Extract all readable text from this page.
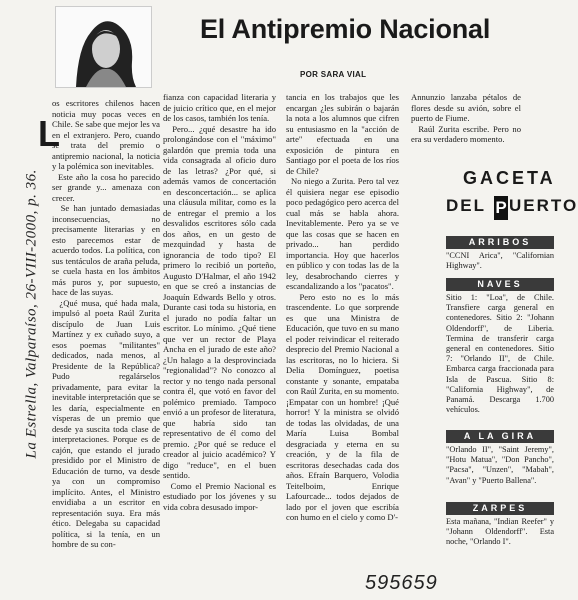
La Estrella, Valparaíso, 26-VIII-2000, p. 36.
El Antipremio Nacional
POR SARA VIAL
L
os escritores chilenos hacen noticia muy pocas veces en Chile. Se sabe que mejor les va en el extranjero. Pero, cuando se trata del premio o antipremio nacional, la noticia y la polémica son inevitables.
Este año la cosa ho parecido ser grande y... amenaza con crecer.
Se han juntado demasiadas inconsecuencias, no precisamente literarias y en esto parecemos estar de acuerdo todos. La política, con sus tentáculos de araña peluda, se cuela hasta en los ámbitos más puros y, por supuesto, hace de las suyas.
¿Qué musa, qué hada mala, impulsó al poeta Raúl Zurita discípulo de Juan Luis Martínez y ex cuñado suyo, a esos poemas "militantes" dedicados, nada menos, al Presidente de la República? Pudo regalárselos privadamente, para evitar la inevitable interpretación que se les daría, especialmente en vísperas de un premio que desde ya suscita toda clase de interpretaciones. Porque es de cajón, que estando el jurado presidido por el Ministro de Educación de turno, va desde ya con un compromiso implícito. Antes, el Ministro envidiaba a un escritor en representación suya. Era más ético. Delegaba su capacidad política, si la tenía, en un hombre de su con-
fianza con capacidad literaria y de juicio crítico que, en el mejor de los casos, también los tenía.
Pero... ¿qué desastre ha ido prolongándose con el "máximo" galardón que premia toda una vida consagrada al oficio duro de las letras? ¿Por qué, si además vamos de concertación en desconcertación... se aplica una cláusula militar, como es la de entregar el premio a los desvalidos escritores sólo cada dos años, en un gesto de mezquindad y hasta de ignorancia de todo tipo? El primero lo recibió un porteño, Augusto D'Halmar, el año 1942 en que se creó a instancias de Joaquín Edwards Bello y otros. Durante casi toda su historia, en el jurado no podía faltar un escritor. Lo mínimo. ¿Qué tiene que ver un rector de Playa Ancha en el jurado de este año? ¿Un halago a la desprovinciada "regionalidad"? No conozco al rector y no tengo nada personal contra él, que votó en favor del polémico premiado. Tampoco envió a un profesor de literatura, que habría sido tan representativo de él como del premio. ¿Por qué se reduce el creador al juicio académico? Y digo "reduce", en el buen sentido.
Como el Premio Nacional es estudiado por los jóvenes y su vida cobra desusado impor-
tancia en los trabajos que les encargan ¿les subirán o bajarán la nota a los alumnos que cifren su entusiasmo en la "acción de arte" efectuada en una exposición de pintura en Santiago por el poeta de los ríos de Chile?
No niego a Zurita. Pero tal vez él quisiera negar ese episodio poco pedagógico pero acerca del cual más se habla ahora. Inevitablemente. Pero ya se ve que las cosas que se hacen en privado... han perdido importancia. Hoy que hacerlos en público y con todas las de la ley, desabrochando cierres y escandalizando a los "pacatos".
Pero esto no es lo más trascendente. Lo que sorprende es que una Ministra de Educación, que tuvo en su mano el poder reivindicar el reiterado desprecio del Premio Nacional a las escritoras, no lo hiciera. Si Delia Domínguez, poetisa constante y sonante, empataba con Raúl Zurita, en su momento. ¡Empatar con un hombre! ¡Qué horror! Y la ministra se olvidó de todas las olvidadas, de una María Luisa Bombal desgraciada y eterna en su creación, y de la fila de escritoras desechadas cada dos años. Efraín Barquero, Volodia Teitelboim, Enrique Lafourcade... todos dejados de lado por el joven que escribía con humo en el cielo y como D'-
Annunzio lanzaba pétalos de flores desde su avión, sobre el puerto de Fiume.
Raúl Zurita escribe. Pero no era su verdadero momento.
GACETA
DEL P UERTO
ARRIBOS
"CCNI Arica", "Californian Highway".
NAVES
Sitio 1: "Loa", de Chile. Transfiere carga general en contenedores. Sitio 2: "Johann Oldendorff", de Liberia. Termina de transferir carga general en contenedores. Sitio 7: "Orlando II", de Chile. Embarca carga fraccionada para Isla de Pascua. Sitio 8: "California Highway", de Panamá. Descarga 1.700 vehículos.
A LA GIRA
"Orlando II", "Saint Jeremy", "Hotu Matua", "Don Pancho", "Pacsa", "Unzen", "Mabah", "Avan" y "Puerto Ballena".
ZARPES
Esta mañana, "Indian Reefer" y "Johann Oldendorff". Esta noche, "Orlando I".
595659
